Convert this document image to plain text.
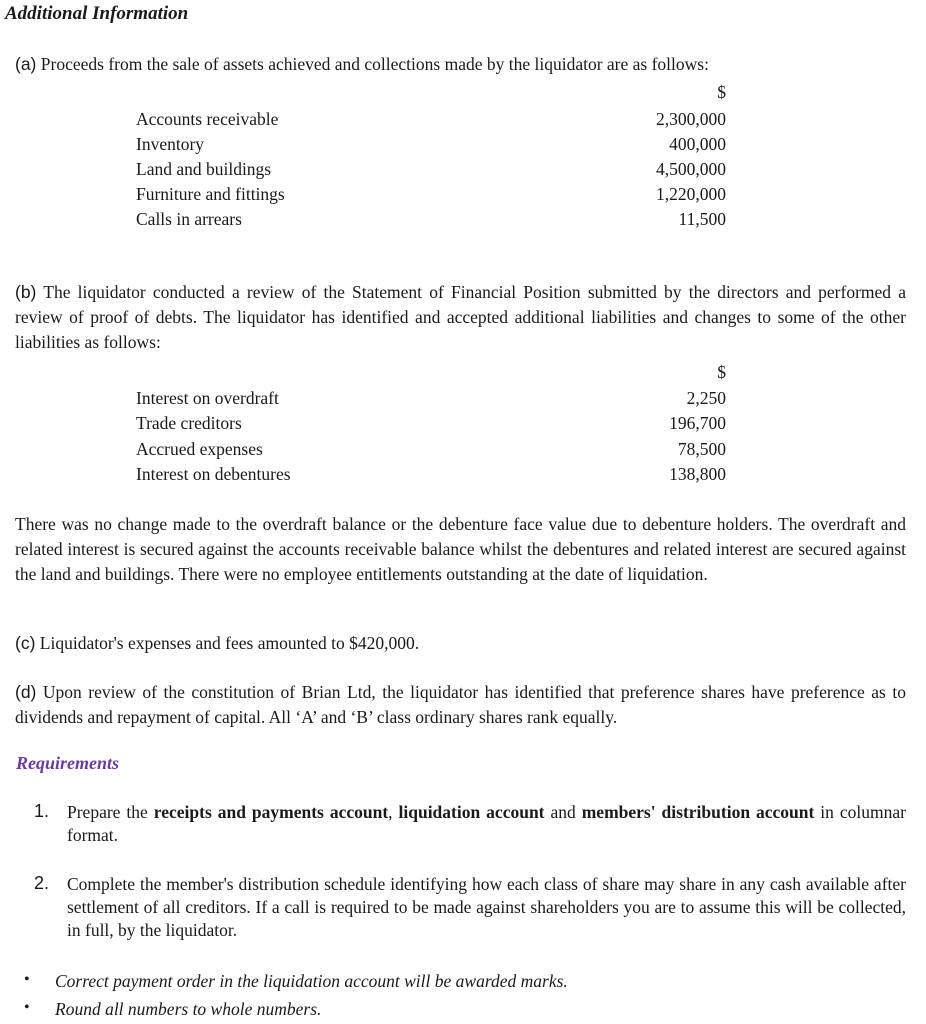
Additional Information
(a) Proceeds from the sale of assets achieved and collections made by the liquidator are as follows:
$
Accounts receivable	2,300,000
Inventory	400,000
Land and buildings	4,500,000
Furniture and fittings	1,220,000
Calls in arrears	11,500
(b) The liquidator conducted a review of the Statement of Financial Position submitted by the directors and performed a review of proof of debts. The liquidator has identified and accepted additional liabilities and changes to some of the other liabilities as follows:
$
Interest on overdraft	2,250
Trade creditors	196,700
Accrued expenses	78,500
Interest on debentures	138,800
There was no change made to the overdraft balance or the debenture face value due to debenture holders. The overdraft and related interest is secured against the accounts receivable balance whilst the debentures and related interest are secured against the land and buildings. There were no employee entitlements outstanding at the date of liquidation.
(c) Liquidator's expenses and fees amounted to $420,000.
(d) Upon review of the constitution of Brian Ltd, the liquidator has identified that preference shares have preference as to dividends and repayment of capital. All ‘A’ and ‘B’ class ordinary shares rank equally.
Requirements
1. Prepare the receipts and payments account, liquidation account and members' distribution account in columnar format.
2. Complete the member's distribution schedule identifying how each class of share may share in any cash available after settlement of all creditors. If a call is required to be made against shareholders you are to assume this will be collected, in full, by the liquidator.
• Correct payment order in the liquidation account will be awarded marks.
• Round all numbers to whole numbers.
